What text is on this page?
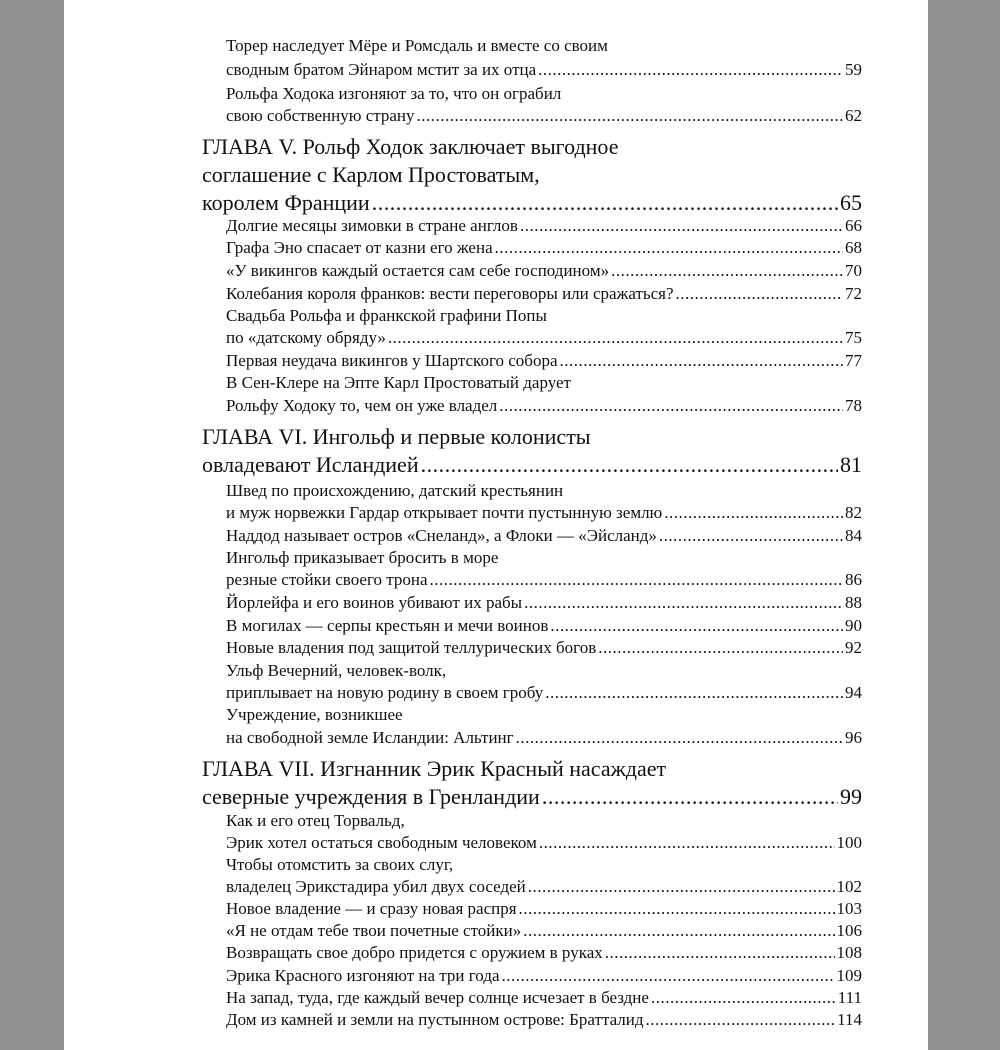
Торер наследует Мёре и Ромсдаль и вместе со своим
сводным братом Эйнаром мстит за их отца .....	59
Рольфа Ходока изгоняют за то, что он ограбил
свою собственную страну .....	62
ГЛАВА V. Рольф Ходок заключает выгодное
соглашение с Карлом Простоватым,
королем Франции .....	65
Долгие месяцы зимовки в стране англов .....	66
Графа Эно спасает от казни его жена .....	68
«У викингов каждый остается сам себе господином» .....	70
Колебания короля франков: вести переговоры или сражаться? .....	72
Свадьба Рольфа и франкской графини Попы
по «датскому обряду» .....	75
Первая неудача викингов у Шартского собора .....	77
В Сен-Клере на Эпте Карл Простоватый дарует
Рольфу Ходоку то, чем он уже владел .....	78
ГЛАВА VI. Ингольф и первые колонисты
овладевают Исландией .....	81
Швед по происхождению, датский крестьянин
и муж норвежки Гардар открывает почти пустынную землю .....	82
Наддод называет остров «Снеланд», а Флоки — «Эйсланд» .....	84
Ингольф приказывает бросить в море
резные стойки своего трона .....	86
Йорлейфа и его воинов убивают их рабы .....	88
В могилах — серпы крестьян и мечи воинов .....	90
Новые владения под защитой теллурических богов .....	92
Ульф Вечерний, человек-волк,
приплывает на новую родину в своем гробу .....	94
Учреждение, возникшее
на свободной земле Исландии: Альтинг .....	96
ГЛАВА VII. Изгнанник Эрик Красный насаждает
северные учреждения в Гренландии .....	99
Как и его отец Торвальд,
Эрик хотел остаться свободным человеком .....	100
Чтобы отомстить за своих слуг,
владелец Эрикстадира убил двух соседей .....	102
Новое владение — и сразу новая распря .....	103
«Я не отдам тебе твои почетные стойки» .....	106
Возвращать свое добро придется с оружием в руках .....	108
Эрика Красного изгоняют на три года .....	109
На запад, туда, где каждый вечер солнце исчезает в бездне .....	111
Дом из камней и земли на пустынном острове: Братталид .....	114
